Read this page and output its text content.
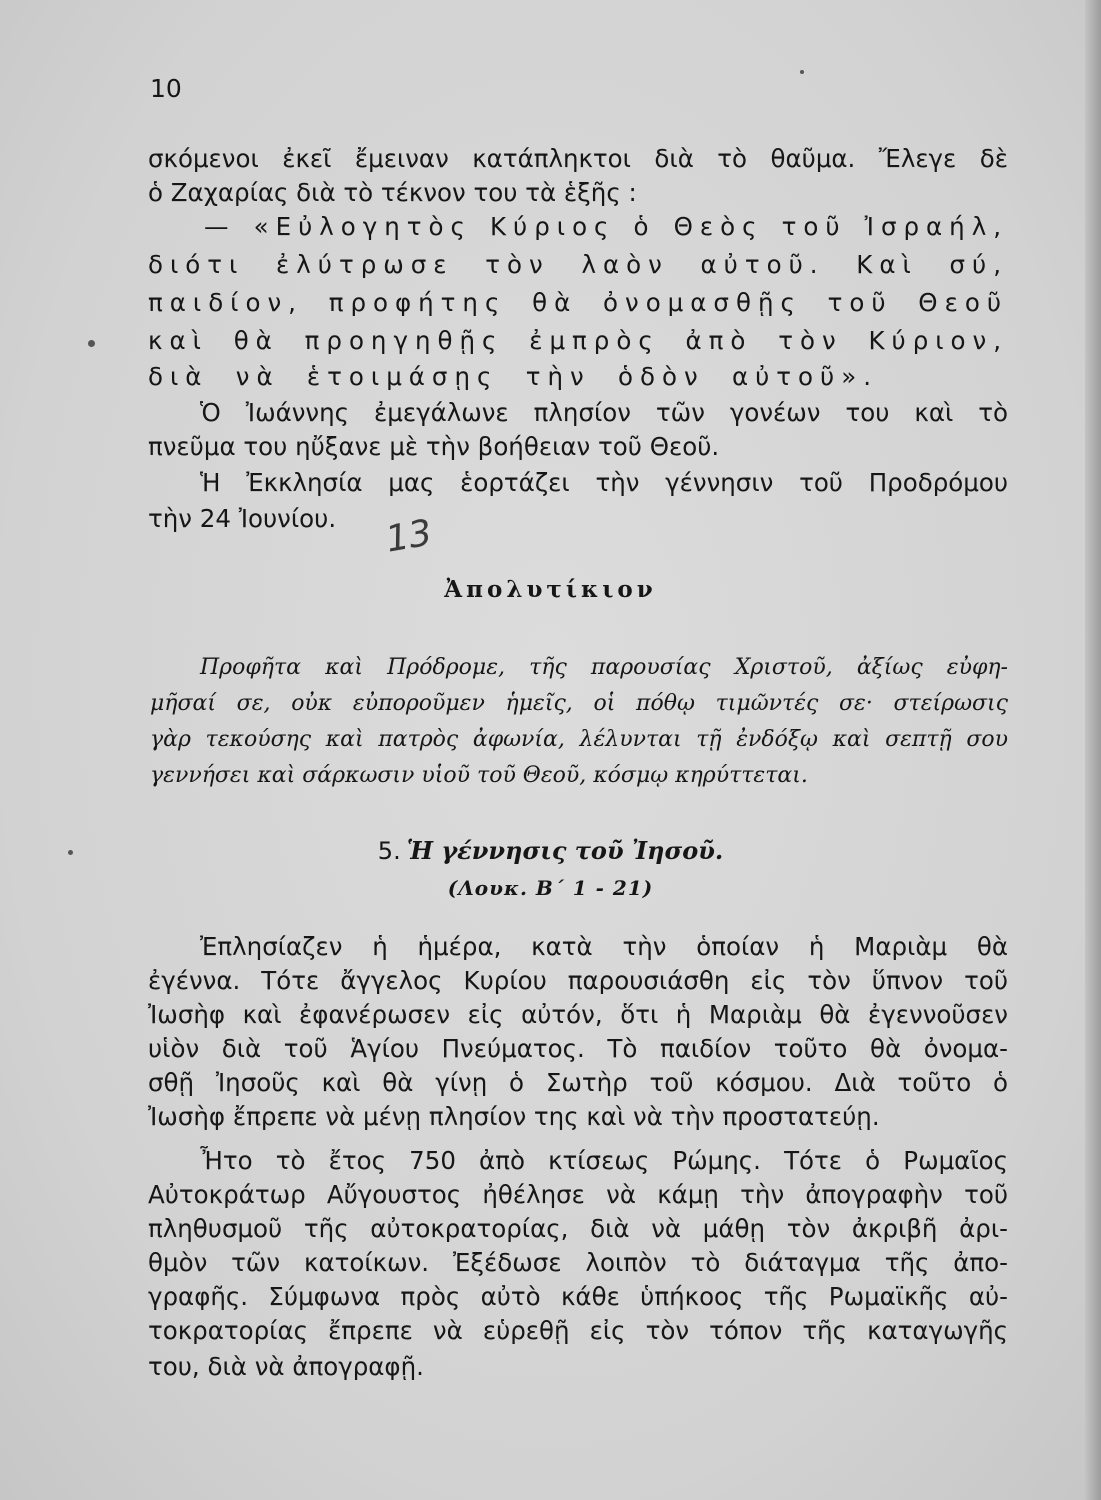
10
σκόμενοι ἐκεῖ ἔμειναν κατάπληκτοι διὰ τὸ θαῦμα. Ἔλεγε δὲ
ὁ Ζαχαρίας διὰ τὸ τέκνον του τὰ ἑξῆς :
— «Εὐλογητὸς Κύριος ὁ Θεὸς τοῦ Ἰσραήλ,
διότι ἐλύτρωσε τὸν λαὸν αὐτοῦ. Καὶ σύ,
παιδίον, προφήτης θὰ ὀνομασθῇς τοῦ Θεοῦ
καὶ θὰ προηγηθῇς ἐμπρὸς ἀπὸ τὸν Κύριον,
διὰ νὰ ἑτοιμάσῃς τὴν ὁδὸν αὐτοῦ».
Ὁ Ἰωάννης ἐμεγάλωνε πλησίον τῶν γονέων του καὶ τὸ
πνεῦμα του ηὔξανε μὲ τὴν βοήθειαν τοῦ Θεοῦ.
Ἡ Ἐκκλησία μας ἑορτάζει τὴν γέννησιν τοῦ Προδρόμου
τὴν 24 Ἰουνίου.	13
Ἀπολυτίκιον
Προφῆτα καὶ Πρόδρομε, τῆς παρουσίας Χριστοῦ, ἀξίως εὐφη-
μῆσαί σε, οὐκ εὐποροῦμεν ἡμεῖς, οἱ πόθῳ τιμῶντές σε· στείρωσις
γὰρ τεκούσης καὶ πατρὸς ἀφωνία, λέλυνται τῇ ἐνδόξῳ καὶ σεπτῇ σου
γεννήσει καὶ σάρκωσιν υἱοῦ τοῦ Θεοῦ, κόσμῳ κηρύττεται.
5. Ἡ γέννησις τοῦ Ἰησοῦ.
(Λουκ. Β΄ 1 - 21)
Ἐπλησίαζεν ἡ ἡμέρα, κατὰ τὴν ὁποίαν ἡ Μαριὰμ θὰ
ἐγέννα. Τότε ἄγγελος Κυρίου παρουσιάσθη εἰς τὸν ὕπνον τοῦ
Ἰωσὴφ καὶ ἐφανέρωσεν εἰς αὐτόν, ὅτι ἡ Μαριὰμ θὰ ἐγεννοῦσεν
υἱὸν διὰ τοῦ Ἁγίου Πνεύματος. Τὸ παιδίον τοῦτο θὰ ὀνομα-
σθῇ Ἰησοῦς καὶ θὰ γίνῃ ὁ Σωτὴρ τοῦ κόσμου. Διὰ τοῦτο ὁ
Ἰωσὴφ ἔπρεπε νὰ μένῃ πλησίον της καὶ νὰ τὴν προστατεύῃ.
Ἦτο τὸ ἔτος 750 ἀπὸ κτίσεως Ρώμης. Τότε ὁ Ρωμαῖος
Αὐτοκράτωρ Αὔγουστος ἠθέλησε νὰ κάμῃ τὴν ἀπογραφὴν τοῦ
πληθυσμοῦ τῆς αὐτοκρατορίας, διὰ νὰ μάθῃ τὸν ἀκριβῆ ἀρι-
θμὸν τῶν κατοίκων. Ἐξέδωσε λοιπὸν τὸ διάταγμα τῆς ἀπο-
γραφῆς. Σύμφωνα πρὸς αὐτὸ κάθε ὑπήκοος τῆς Ρωμαϊκῆς αὐ-
τοκρατορίας ἔπρεπε νὰ εὑρεθῇ εἰς τὸν τόπον τῆς καταγωγῆς
του, διὰ νὰ ἀπογραφῇ.
